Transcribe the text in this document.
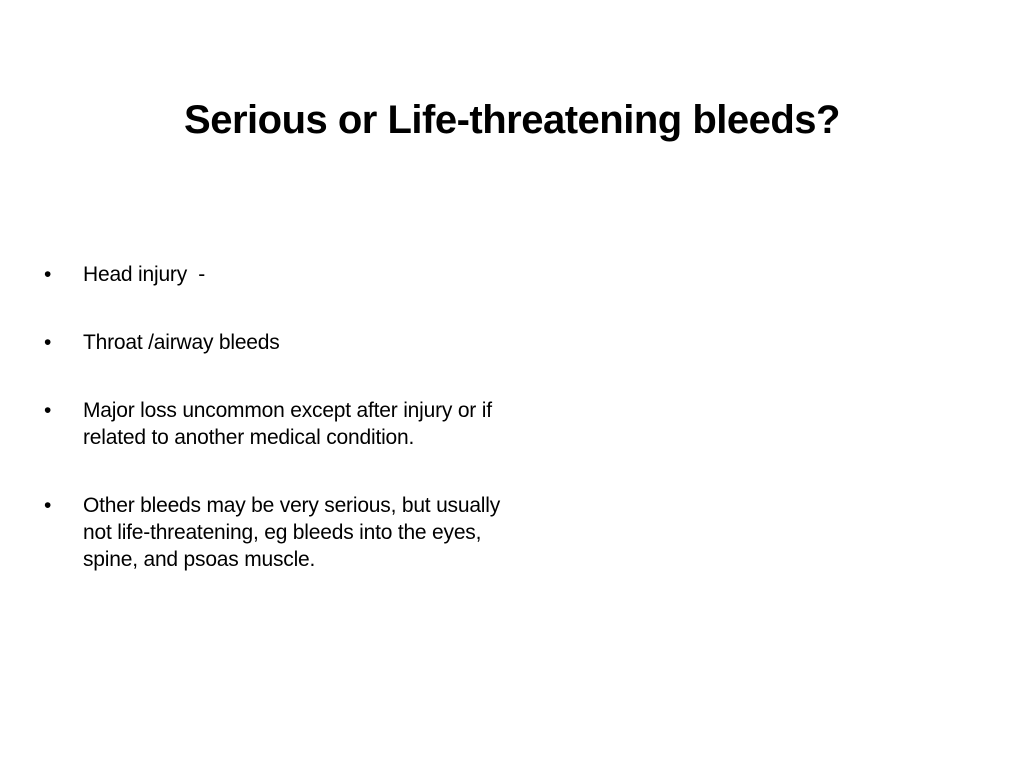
Serious or Life-threatening bleeds?
• Head injury  -
• Throat /airway bleeds
• Major loss uncommon except after injury or if related to another medical condition.
• Other bleeds may be very serious, but usually not life-threatening, eg bleeds into the eyes, spine, and psoas muscle.
